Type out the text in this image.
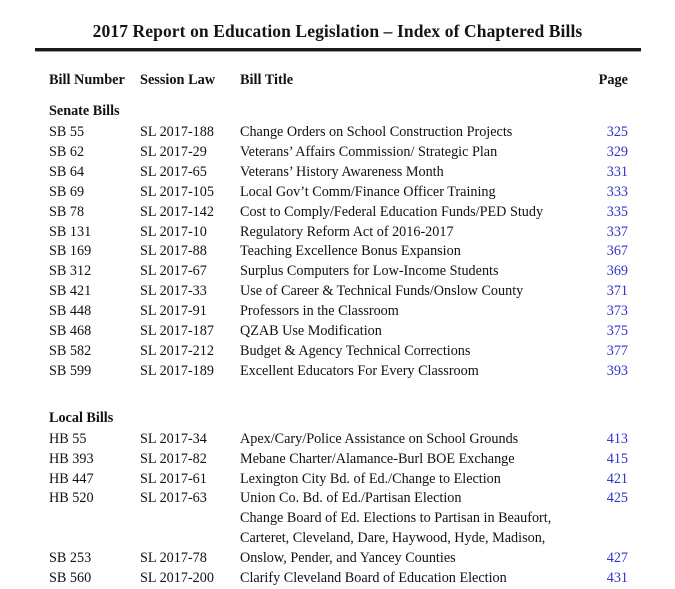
2017 Report on Education Legislation – Index of Chaptered Bills
Bill Number	Session Law	Bill Title	Page
Senate Bills			
SB 55	SL 2017-188	Change Orders on School Construction Projects	325
SB 62	SL 2017-29	Veterans’ Affairs Commission/ Strategic Plan	329
SB 64	SL 2017-65	Veterans’ History Awareness Month	331
SB 69	SL 2017-105	Local Gov’t Comm/Finance Officer Training	333
SB 78	SL 2017-142	Cost to Comply/Federal Education Funds/PED Study	335
SB 131	SL 2017-10	Regulatory Reform Act of 2016-2017	337
SB 169	SL 2017-88	Teaching Excellence Bonus Expansion	367
SB 312	SL 2017-67	Surplus Computers for Low-Income Students	369
SB 421	SL 2017-33	Use of Career & Technical Funds/Onslow County	371
SB 448	SL 2017-91	Professors in the Classroom	373
SB 468	SL 2017-187	QZAB Use Modification	375
SB 582	SL 2017-212	Budget & Agency Technical Corrections	377
SB 599	SL 2017-189	Excellent Educators For Every Classroom	393

Local Bills			
HB 55	SL 2017-34	Apex/Cary/Police Assistance on School Grounds	413
HB 393	SL 2017-82	Mebane Charter/Alamance-Burl BOE Exchange	415
HB 447	SL 2017-61	Lexington City Bd. of Ed./Change to Election	421
HB 520	SL 2017-63	Union Co. Bd. of Ed./Partisan Election	425
SB 253	SL 2017-78	Change Board of Ed. Elections to Partisan in Beaufort,
Carteret, Cleveland, Dare, Haywood, Hyde, Madison,
Onslow, Pender, and Yancey Counties	427
SB 560	SL 2017-200	Clarify Cleveland Board of Education Election	431
